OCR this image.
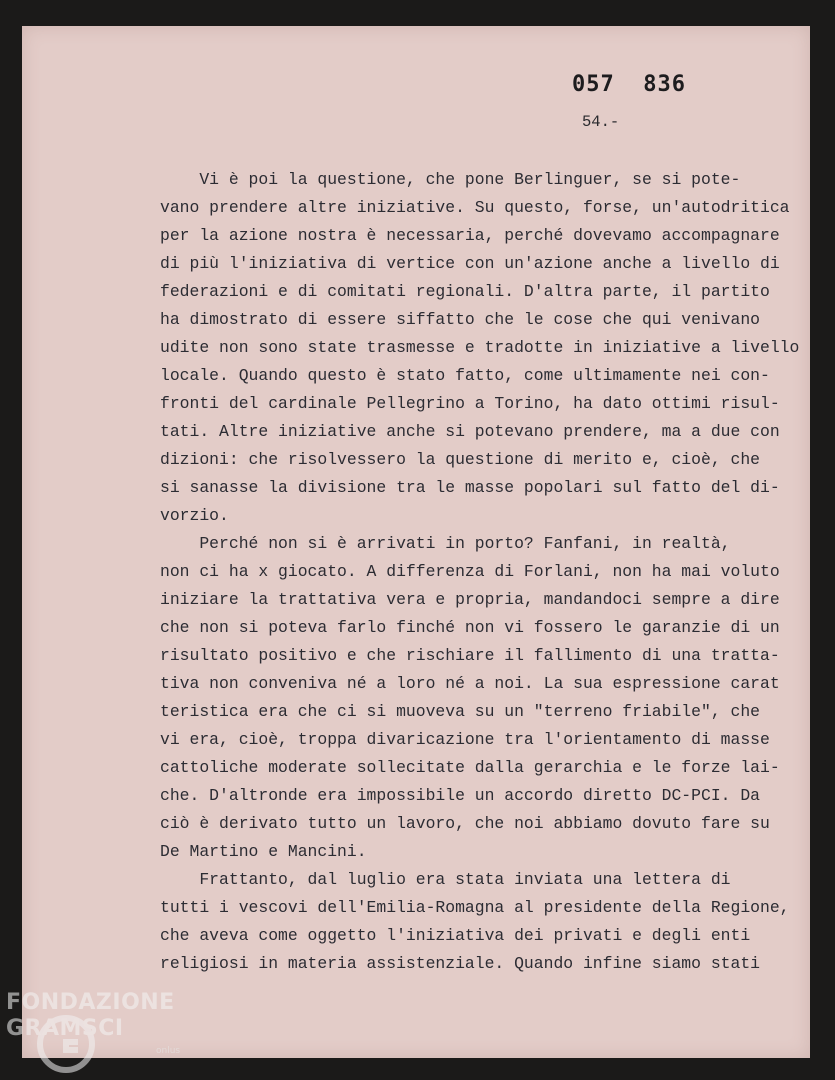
057  836

54.-

Vi è poi la questione, che pone Berlinguer, se si pote-

vano prendere altre iniziative. Su questo, forse, un'autodritica

per la azione nostra è necessaria, perché dovevamo accompagnare

di più l'iniziativa di vertice con un'azione anche a livello di

federazioni e di comitati regionali. D'altra parte, il partito

ha dimostrato di essere siffatto che le cose che qui venivano

udite non sono state trasmesse e tradotte in iniziative a livello

locale. Quando questo è stato fatto, come ultimamente nei con-

fronti del cardinale Pellegrino a Torino, ha dato ottimi risul-

tati. Altre iniziative anche si potevano prendere, ma a due con

dizioni: che risolvessero la questione di merito e, cioè, che

si sanasse la divisione tra le masse popolari sul fatto del di-

vorzio.

Perché non si è arrivati in porto? Fanfani, in realtà,

non ci ha x giocato. A differenza di Forlani, non ha mai voluto

iniziare la trattativa vera e propria, mandandoci sempre a dire

che non si poteva farlo finché non vi fossero le garanzie di un

risultato positivo e che rischiare il fallimento di una tratta-

tiva non conveniva né a loro né a noi. La sua espressione carat

teristica era che ci si muoveva su un "terreno friabile", che

vi era, cioè, troppa divaricazione tra l'orientamento di masse

cattoliche moderate sollecitate dalla gerarchia e le forze lai-

che. D'altronde era impossibile un accordo diretto DC-PCI. Da

ciò è derivato tutto un lavoro, che noi abbiamo dovuto fare su

De Martino e Mancini.

Frattanto, dal luglio era stata inviata una lettera di

tutti i vescovi dell'Emilia-Romagna al presidente della Regione,

che aveva come oggetto l'iniziativa dei privati e degli enti

religiosi in materia assistenziale. Quando infine siamo stati

FONDAZIONE

GRAMSCI

onlus
